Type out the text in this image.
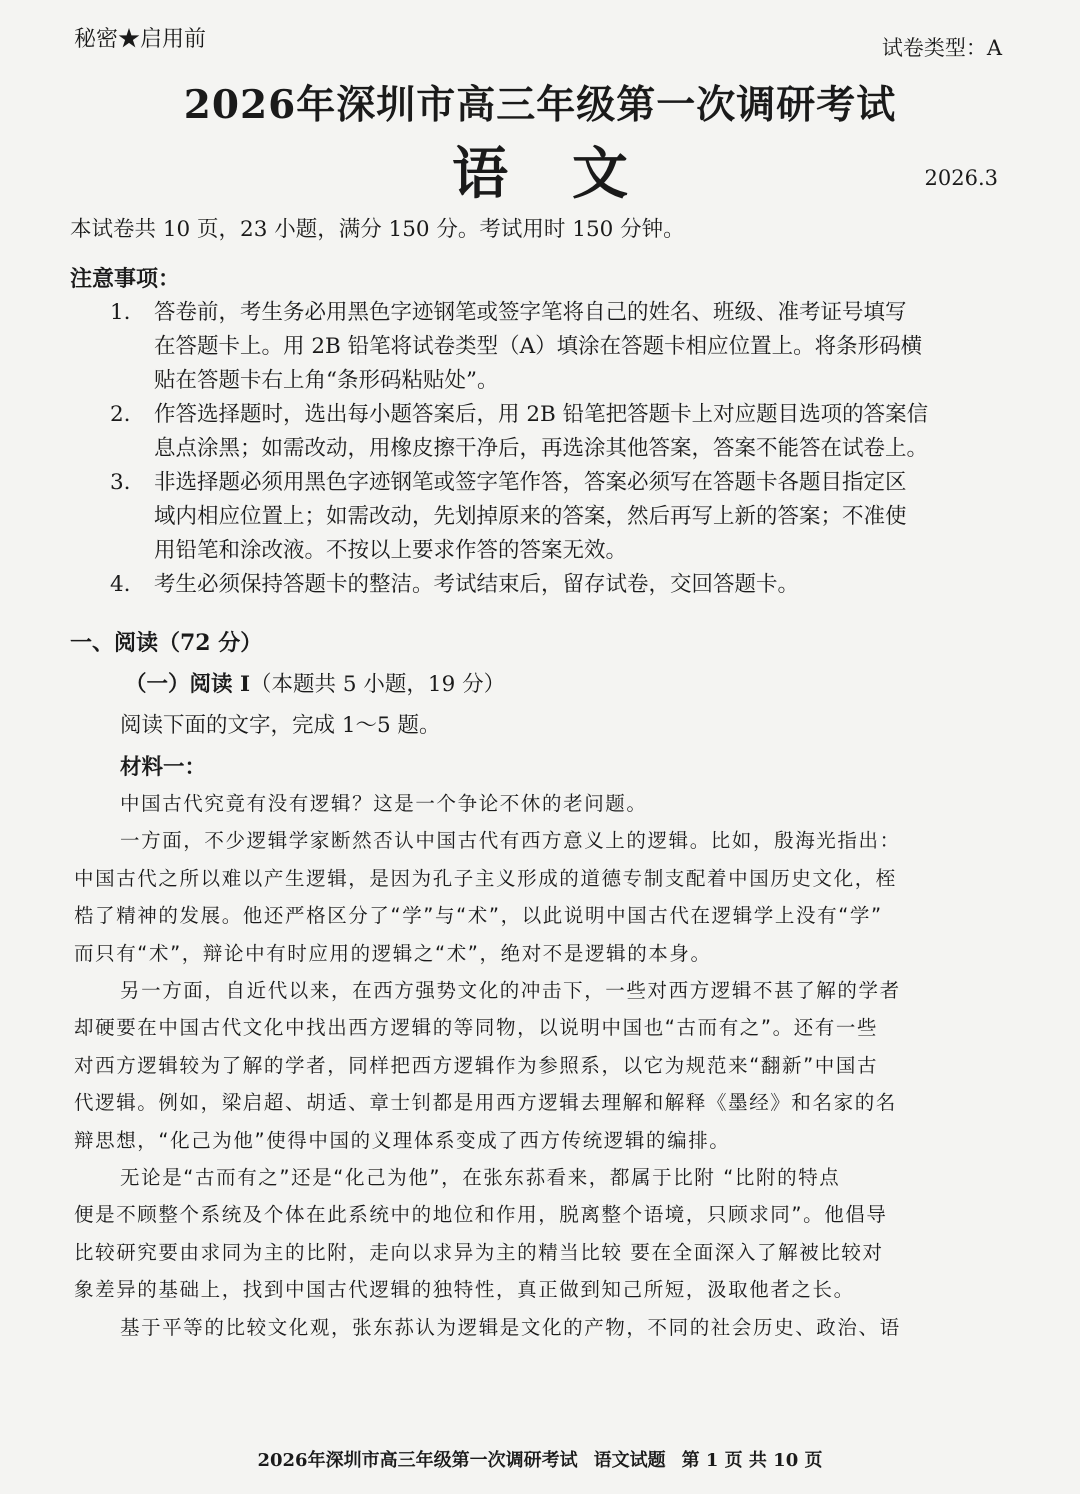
秘密★启用前	试卷类型：A
2026年深圳市高三年级第一次调研考试
语文	2026.3
本试卷共 10 页，23 小题，满分 150 分。考试用时 150 分钟。
注意事项：
1. 答卷前，考生务必用黑色字迹钢笔或签字笔将自己的姓名、班级、准考证号填写
在答题卡上。用 2B 铅笔将试卷类型（A）填涂在答题卡相应位置上。将条形码横
贴在答题卡右上角“条形码粘贴处”。
2. 作答选择题时，选出每小题答案后，用 2B 铅笔把答题卡上对应题目选项的答案信
息点涂黑；如需改动，用橡皮擦干净后，再选涂其他答案，答案不能答在试卷上。
3. 非选择题必须用黑色字迹钢笔或签字笔作答，答案必须写在答题卡各题目指定区
域内相应位置上；如需改动，先划掉原来的答案，然后再写上新的答案；不准使
用铅笔和涂改液。不按以上要求作答的答案无效。
4. 考生必须保持答题卡的整洁。考试结束后，留存试卷，交回答题卡。
一、阅读（72 分）
（一）阅读 I（本题共 5 小题，19 分）
阅读下面的文字，完成 1～5 题。
材料一：
中国古代究竟有没有逻辑？这是一个争论不休的老问题。
一方面，不少逻辑学家断然否认中国古代有西方意义上的逻辑。比如，殷海光指出：
中国古代之所以难以产生逻辑，是因为孔子主义形成的道德专制支配着中国历史文化，桎
梏了精神的发展。他还严格区分了“学”与“术”，以此说明中国古代在逻辑学上没有“学”
而只有“术”，辩论中有时应用的逻辑之“术”，绝对不是逻辑的本身。
另一方面，自近代以来，在西方强势文化的冲击下，一些对西方逻辑不甚了解的学者
却硬要在中国古代文化中找出西方逻辑的等同物，以说明中国也“古而有之”。还有一些
对西方逻辑较为了解的学者，同样把西方逻辑作为参照系，以它为规范来“翻新”中国古
代逻辑。例如，梁启超、胡适、章士钊都是用西方逻辑去理解和解释《墨经》和名家的名
辩思想，“化己为他”使得中国的义理体系变成了西方传统逻辑的编排。
无论是“古而有之”还是“化己为他”，在张东荪看来，都属于比附 “比附的特点
便是不顾整个系统及个体在此系统中的地位和作用，脱离整个语境，只顾求同”。他倡导
比较研究要由求同为主的比附，走向以求异为主的精当比较 要在全面深入了解被比较对
象差异的基础上，找到中国古代逻辑的独特性，真正做到知己所短，汲取他者之长。
基于平等的比较文化观，张东荪认为逻辑是文化的产物，不同的社会历史、政治、语
2026年深圳市高三年级第一次调研考试 语文试题 第 1 页 共 10 页
